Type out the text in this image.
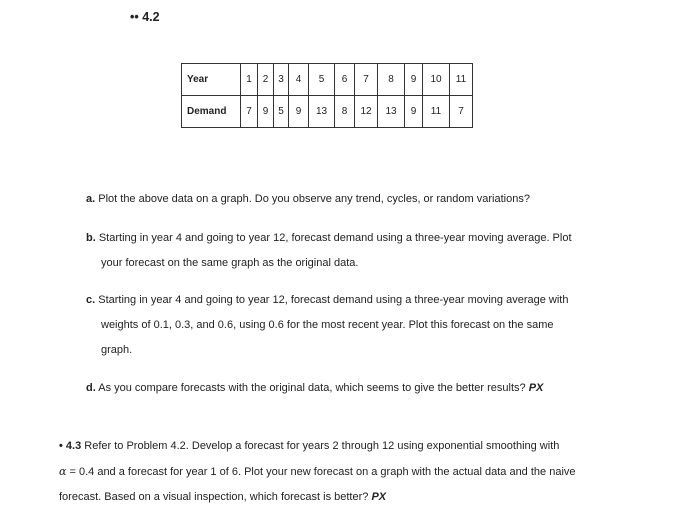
•• 4.2
Year	1	2	3	4	5	6	7	8	9	10	11
Demand	7	9	5	9	13	8	12	13	9	11	7
a. Plot the above data on a graph. Do you observe any trend, cycles, or random variations?
b. Starting in year 4 and going to year 12, forecast demand using a three-year moving average. Plot
your forecast on the same graph as the original data.
c. Starting in year 4 and going to year 12, forecast demand using a three-year moving average with
weights of 0.1, 0.3, and 0.6, using 0.6 for the most recent year. Plot this forecast on the same
graph.
d. As you compare forecasts with the original data, which seems to give the better results? PX
• 4.3 Refer to Problem 4.2. Develop a forecast for years 2 through 12 using exponential smoothing with
α = 0.4 and a forecast for year 1 of 6. Plot your new forecast on a graph with the actual data and the naive
forecast. Based on a visual inspection, which forecast is better? PX
